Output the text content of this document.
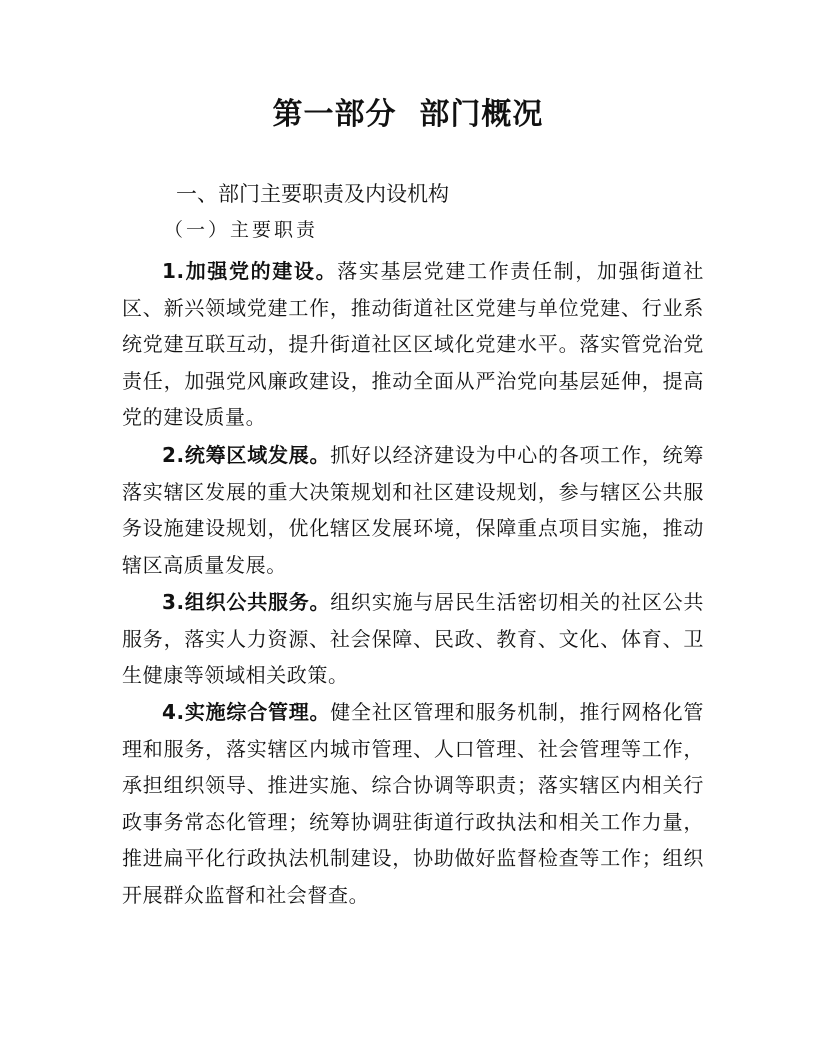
第一部分  部门概况
一、部门主要职责及内设机构
（一）主要职责

1.加强党的建设。落实基层党建工作责任制，加强街道社区、新兴领域党建工作，推动街道社区党建与单位党建、行业系统党建互联互动，提升街道社区区域化党建水平。落实管党治党责任，加强党风廉政建设，推动全面从严治党向基层延伸，提高党的建设质量。

2.统筹区域发展。抓好以经济建设为中心的各项工作，统筹落实辖区发展的重大决策规划和社区建设规划，参与辖区公共服务设施建设规划，优化辖区发展环境，保障重点项目实施，推动辖区高质量发展。

3.组织公共服务。组织实施与居民生活密切相关的社区公共服务，落实人力资源、社会保障、民政、教育、文化、体育、卫生健康等领域相关政策。

4.实施综合管理。健全社区管理和服务机制，推行网格化管理和服务，落实辖区内城市管理、人口管理、社会管理等工作，承担组织领导、推进实施、综合协调等职责；落实辖区内相关行政事务常态化管理；统筹协调驻街道行政执法和相关工作力量，推进扁平化行政执法机制建设，协助做好监督检查等工作；组织开展群众监督和社会督查。
